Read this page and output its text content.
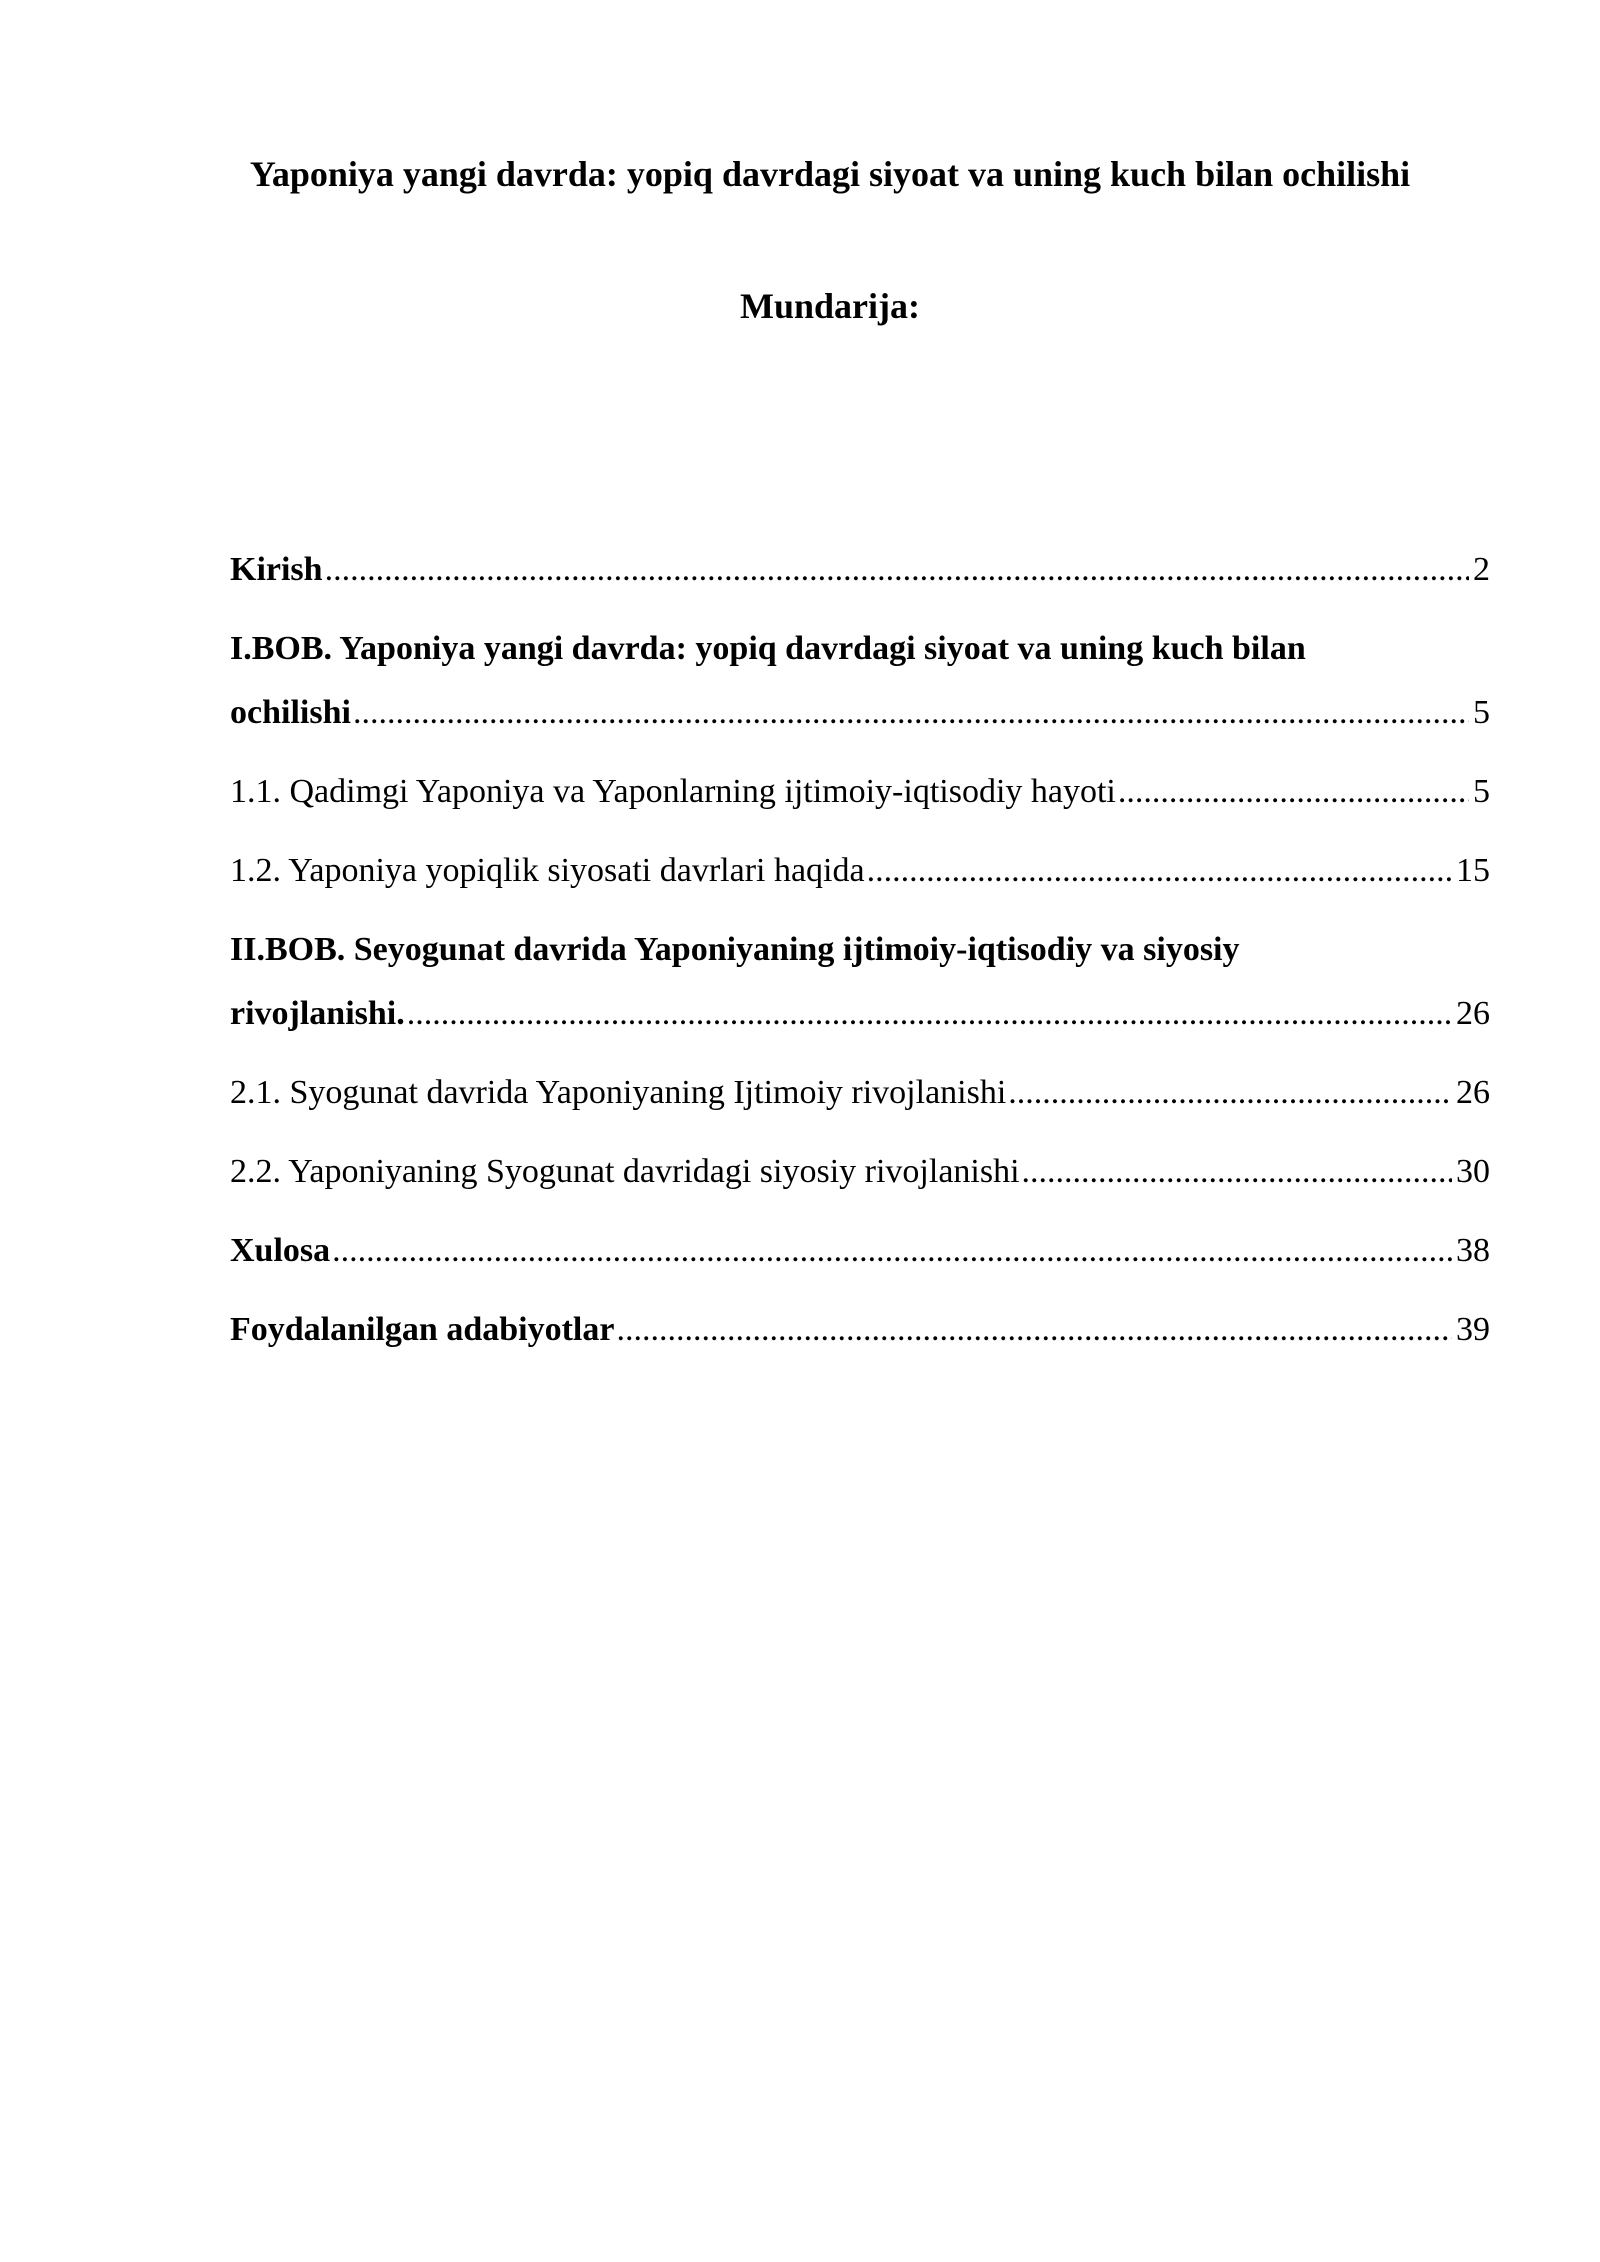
Yaponiya yangi davrda: yopiq davrdagi siyoat va uning kuch bilan ochilishi
Mundarija:
Kirish .....	2
I.BOB. Yaponiya yangi davrda: yopiq davrdagi siyoat va uning kuch bilan
ochilishi .....	5
1.1. Qadimgi Yaponiya va Yaponlarning ijtimoiy-iqtisodiy hayoti .....	5
1.2. Yaponiya yopiqlik siyosati davrlari haqida .....	15
II.BOB. Seyogunat davrida Yaponiyaning ijtimoiy-iqtisodiy va siyosiy
rivojlanishi. .....	26
2.1. Syogunat davrida Yaponiyaning Ijtimoiy rivojlanishi .....	26
2.2. Yaponiyaning Syogunat davridagi siyosiy rivojlanishi .....	30
Xulosa .....	38
Foydalanilgan adabiyotlar .....	39
